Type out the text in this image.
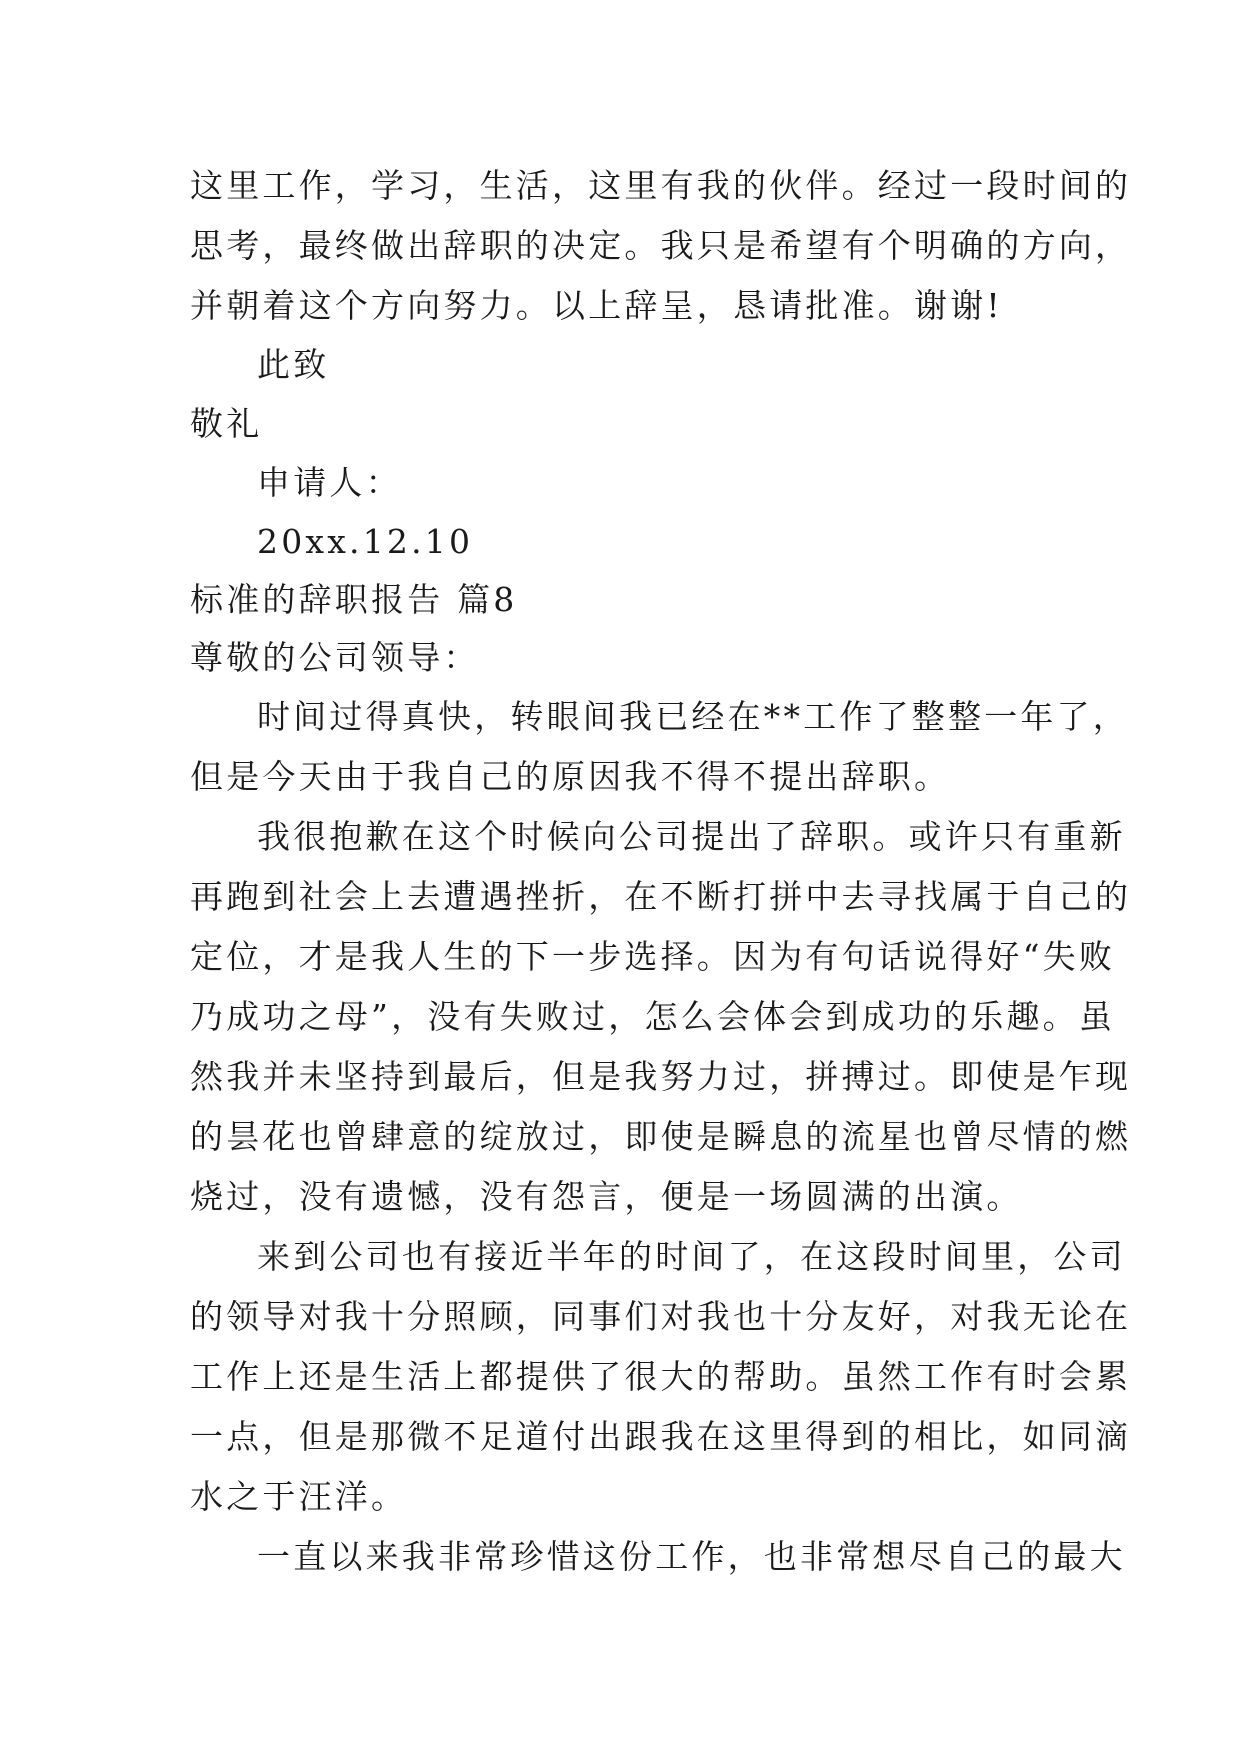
这里工作，学习，生活，这里有我的伙伴。经过一段时间的
思考，最终做出辞职的决定。我只是希望有个明确的方向，
并朝着这个方向努力。以上辞呈，恳请批准。谢谢!
此致
敬礼
申请人：
20xx.12.10
标准的辞职报告 篇8
尊敬的公司领导：
时间过得真快，转眼间我已经在**工作了整整一年了，
但是今天由于我自己的原因我不得不提出辞职。
我很抱歉在这个时候向公司提出了辞职。或许只有重新
再跑到社会上去遭遇挫折，在不断打拼中去寻找属于自己的
定位，才是我人生的下一步选择。因为有句话说得好“失败
乃成功之母”，没有失败过，怎么会体会到成功的乐趣。虽
然我并未坚持到最后，但是我努力过，拼搏过。即使是乍现
的昙花也曾肆意的绽放过，即使是瞬息的流星也曾尽情的燃
烧过，没有遗憾，没有怨言，便是一场圆满的出演。
来到公司也有接近半年的时间了，在这段时间里，公司
的领导对我十分照顾，同事们对我也十分友好，对我无论在
工作上还是生活上都提供了很大的帮助。虽然工作有时会累
一点，但是那微不足道付出跟我在这里得到的相比，如同滴
水之于汪洋。
一直以来我非常珍惜这份工作，也非常想尽自己的最大
